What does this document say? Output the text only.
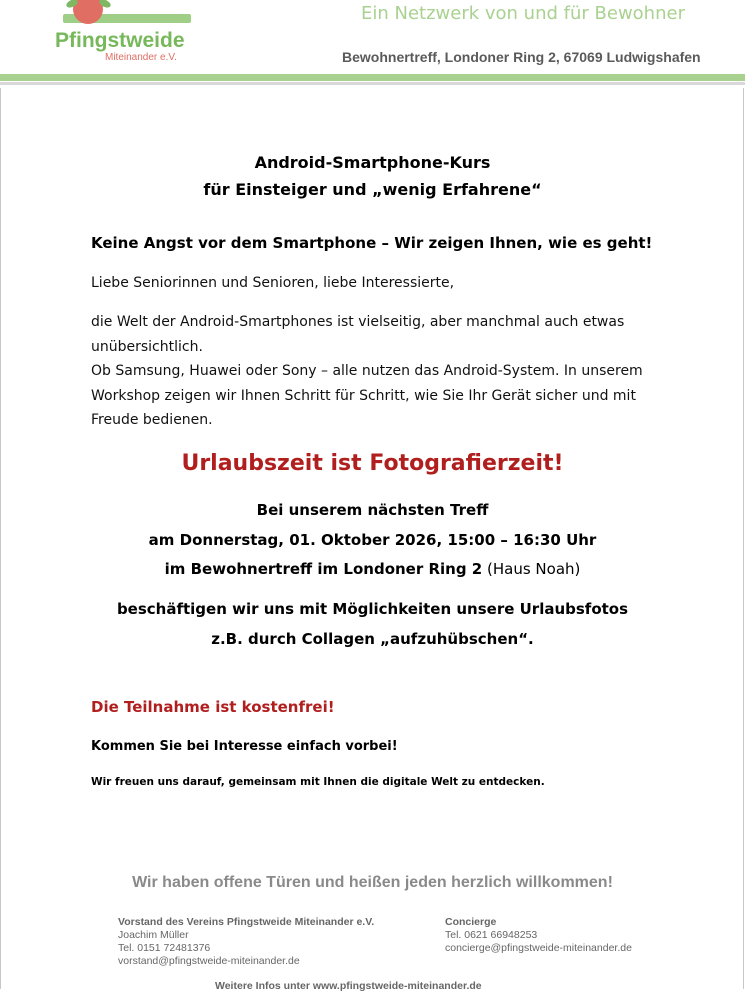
Pfingstweide
Miteinander e.V.
Ein Netzwerk von und für Bewohner
Bewohnertreff, Londoner Ring 2, 67069 Ludwigshafen
Android-Smartphone-Kurs
für Einsteiger und „wenig Erfahrene“
Keine Angst vor dem Smartphone – Wir zeigen Ihnen, wie es geht!
Liebe Seniorinnen und Senioren, liebe Interessierte,
die Welt der Android-Smartphones ist vielseitig, aber manchmal auch etwas
unübersichtlich.
Ob Samsung, Huawei oder Sony – alle nutzen das Android-System. In unserem
Workshop zeigen wir Ihnen Schritt für Schritt, wie Sie Ihr Gerät sicher und mit
Freude bedienen.
Urlaubszeit ist Fotografierzeit!
Bei unserem nächsten Treff
am Donnerstag, 01. Oktober 2026, 15:00 – 16:30 Uhr
im Bewohnertreff im Londoner Ring 2 (Haus Noah)
beschäftigen wir uns mit Möglichkeiten unsere Urlaubsfotos
z.B. durch Collagen „aufzuhübschen“.
Die Teilnahme ist kostenfrei!
Kommen Sie bei Interesse einfach vorbei!
Wir freuen uns darauf, gemeinsam mit Ihnen die digitale Welt zu entdecken.
Wir haben offene Türen und heißen jeden herzlich willkommen!
Vorstand des Vereins Pfingstweide Miteinander e.V.
Joachim Müller
Tel. 0151 72481376
vorstand@pfingstweide-miteinander.de
Concierge
Tel. 0621 66948253
concierge@pfingstweide-miteinander.de
Weitere Infos unter www.pfingstweide-miteinander.de
